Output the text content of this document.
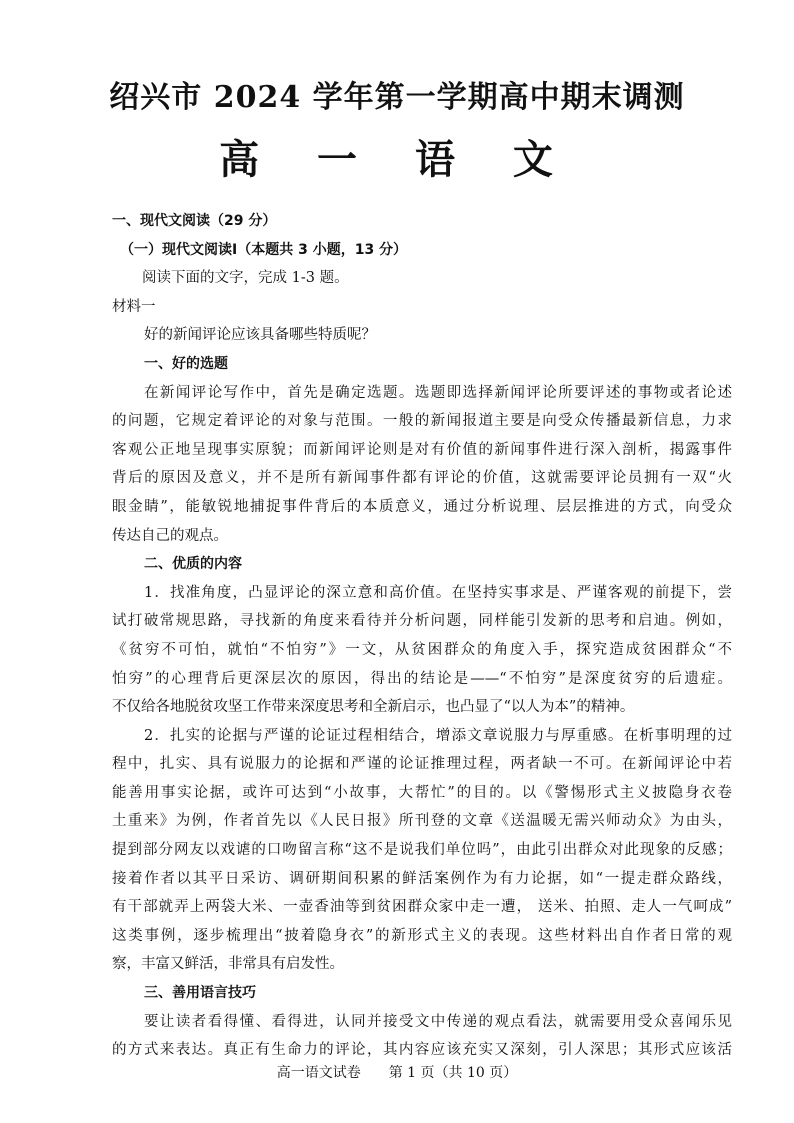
绍兴市 2024 学年第一学期高中期末调测
高 一 语 文
一、现代文阅读（29 分）
（一）现代文阅读Ⅰ（本题共 3 小题，13 分）
阅读下面的文字，完成 1-3 题。
材料一
好的新闻评论应该具备哪些特质呢？
一、好的选题
在新闻评论写作中，首先是确定选题。选题即选择新闻评论所要评述的事物或者论述
的问题，它规定着评论的对象与范围。一般的新闻报道主要是向受众传播最新信息，力求
客观公正地呈现事实原貌；而新闻评论则是对有价值的新闻事件进行深入剖析，揭露事件
背后的原因及意义，并不是所有新闻事件都有评论的价值，这就需要评论员拥有一双“火
眼金睛”，能敏锐地捕捉事件背后的本质意义，通过分析说理、层层推进的方式，向受众
传达自己的观点。
二、优质的内容
1．找准角度，凸显评论的深立意和高价值。在坚持实事求是、严谨客观的前提下，尝
试打破常规思路，寻找新的角度来看待并分析问题，同样能引发新的思考和启迪。例如，
《贫穷不可怕，就怕“不怕穷”》一文，从贫困群众的角度入手，探究造成贫困群众“不
怕穷”的心理背后更深层次的原因，得出的结论是——“不怕穷”是深度贫穷的后遗症。
不仅给各地脱贫攻坚工作带来深度思考和全新启示，也凸显了“以人为本”的精神。
2．扎实的论据与严谨的论证过程相结合，增添文章说服力与厚重感。在析事明理的过
程中，扎实、具有说服力的论据和严谨的论证推理过程，两者缺一不可。在新闻评论中若
能善用事实论据，或许可达到“小故事，大帮忙”的目的。以《警惕形式主义披隐身衣卷
土重来》为例，作者首先以《人民日报》所刊登的文章《送温暖无需兴师动众》为由头，
提到部分网友以戏谑的口吻留言称“这不是说我们单位吗”，由此引出群众对此现象的反感；
接着作者以其平日采访、调研期间积累的鲜活案例作为有力论据，如“一提走群众路线，
有干部就弄上两袋大米、一壶香油等到贫困群众家中走一遭， 送米、拍照、走人一气呵成”
这类事例，逐步梳理出“披着隐身衣”的新形式主义的表现。这些材料出自作者日常的观
察，丰富又鲜活，非常具有启发性。
三、善用语言技巧
要让读者看得懂、看得进，认同并接受文中传递的观点看法，就需要用受众喜闻乐见
的方式来表达。真正有生命力的评论，其内容应该充实又深刻，引人深思；其形式应该活
高一语文试卷　　第 1 页（共 10 页）
